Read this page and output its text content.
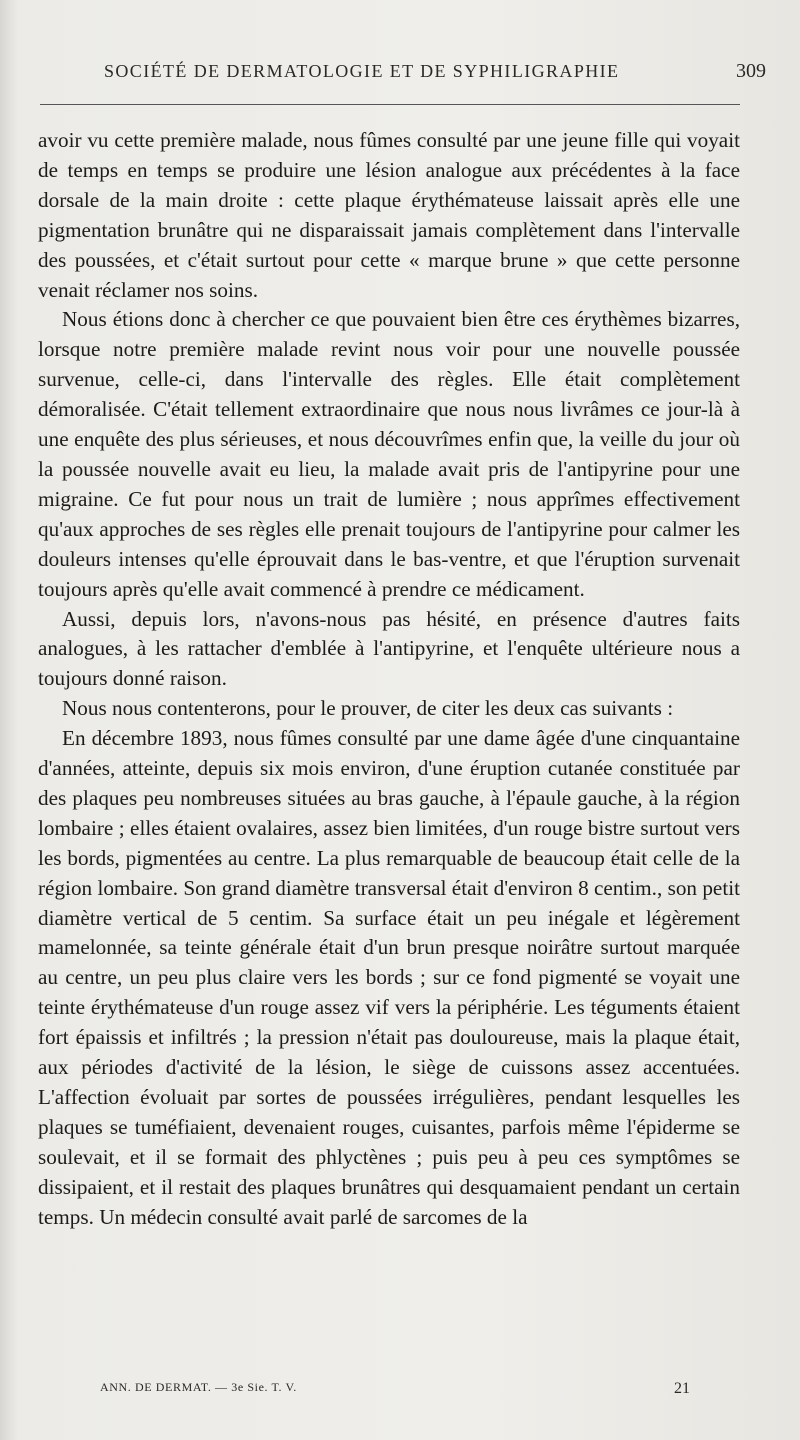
SOCIÉTÉ DE DERMATOLOGIE ET DE SYPHILIGRAPHIE	309

avoir vu cette première malade, nous fûmes consulté par une jeune fille qui voyait de temps en temps se produire une lésion analogue aux précédentes à la face dorsale de la main droite : cette plaque érythémateuse laissait après elle une pigmentation brunâtre qui ne disparaissait jamais complètement dans l'intervalle des poussées, et c'était surtout pour cette « marque brune » que cette personne venait réclamer nos soins.

Nous étions donc à chercher ce que pouvaient bien être ces érythèmes bizarres, lorsque notre première malade revint nous voir pour une nouvelle poussée survenue, celle-ci, dans l'intervalle des règles. Elle était complètement démoralisée. C'était tellement extraordinaire que nous nous livrâmes ce jour-là à une enquête des plus sérieuses, et nous découvrîmes enfin que, la veille du jour où la poussée nouvelle avait eu lieu, la malade avait pris de l'antipyrine pour une migraine. Ce fut pour nous un trait de lumière ; nous apprîmes effectivement qu'aux approches de ses règles elle prenait toujours de l'antipyrine pour calmer les douleurs intenses qu'elle éprouvait dans le bas-ventre, et que l'éruption survenait toujours après qu'elle avait commencé à prendre ce médicament.

Aussi, depuis lors, n'avons-nous pas hésité, en présence d'autres faits analogues, à les rattacher d'emblée à l'antipyrine, et l'enquête ultérieure nous a toujours donné raison.

Nous nous contenterons, pour le prouver, de citer les deux cas suivants :

En décembre 1893, nous fûmes consulté par une dame âgée d'une cinquantaine d'années, atteinte, depuis six mois environ, d'une éruption cutanée constituée par des plaques peu nombreuses situées au bras gauche, à l'épaule gauche, à la région lombaire ; elles étaient ovalaires, assez bien limitées, d'un rouge bistre surtout vers les bords, pigmentées au centre. La plus remarquable de beaucoup était celle de la région lombaire. Son grand diamètre transversal était d'environ 8 centim., son petit diamètre vertical de 5 centim. Sa surface était un peu inégale et légèrement mamelonnée, sa teinte générale était d'un brun presque noirâtre surtout marquée au centre, un peu plus claire vers les bords ; sur ce fond pigmenté se voyait une teinte érythémateuse d'un rouge assez vif vers la périphérie. Les téguments étaient fort épaissis et infiltrés ; la pression n'était pas douloureuse, mais la plaque était, aux périodes d'activité de la lésion, le siège de cuissons assez accentuées. L'affection évoluait par sortes de poussées irrégulières, pendant lesquelles les plaques se tuméfiaient, devenaient rouges, cuisantes, parfois même l'épiderme se soulevait, et il se formait des phlyctènes ; puis peu à peu ces symptômes se dissipaient, et il restait des plaques brunâtres qui desquamaient pendant un certain temps. Un médecin consulté avait parlé de sarcomes de la

ANN. DE DERMAT. — 3e Sie. T. V.	21
